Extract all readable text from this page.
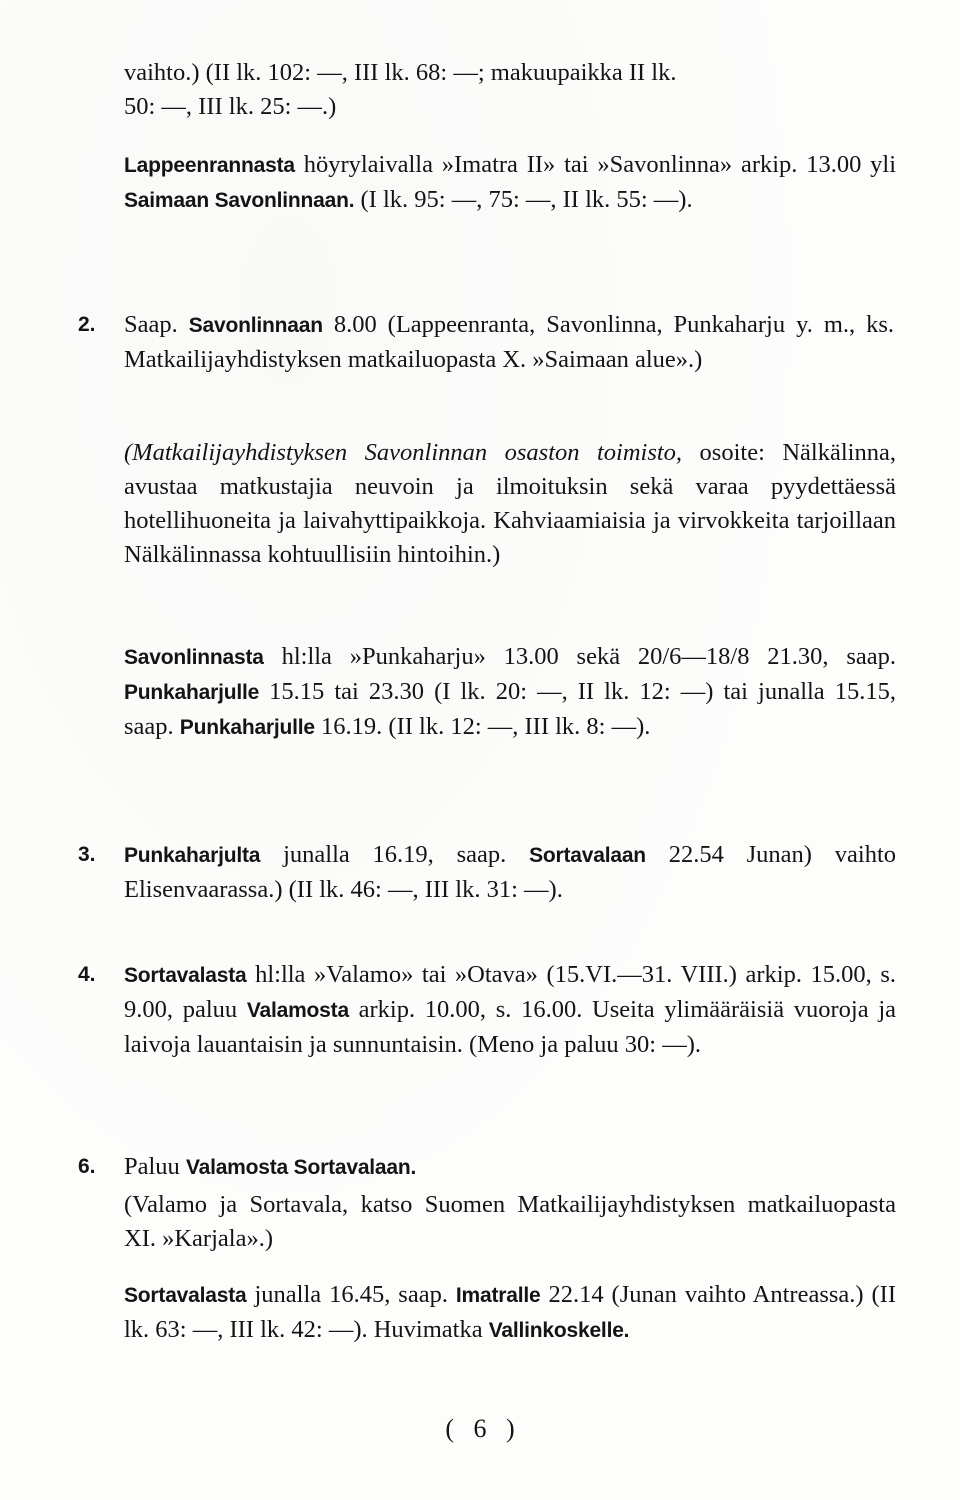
vaihto.) (II lk. 102: —, III lk. 68: —; makuupaikka II lk.
50: —, III lk. 25: —.)

Lappeenrannasta höyrylaivalla »Imatra II» tai »Savonlinna» arkip. 13.00 yli Saimaan Savonlinnaan. (I lk. 95: —, 75: —, II lk. 55: —).

2. Saap. Savonlinnaan 8.00 (Lappeenranta, Savonlinna, Punkaharju y. m., ks. Matkailijayhdistyksen matkailuopasta X. »Saimaan alue».)

(Matkailijayhdistyksen Savonlinnan osaston toimisto, osoite: Nälkälinna, avustaa matkustajia neuvoin ja ilmoituksin sekä varaa pyydettäessä hotellihuoneita ja laivahyttipaikkoja. Kahviaamiaisia ja virvokkeita tarjoillaan Nälkälinnassa kohtuullisiin hintoihin.)

Savonlinnasta hl:lla »Punkaharju» 13.00 sekä 20/6—18/8 21.30, saap. Punkaharjulle 15.15 tai 23.30 (I lk. 20: —, II lk. 12: —) tai junalla 15.15, saap. Punkaharjulle 16.19. (II lk. 12: —, III lk. 8: —).

3. Punkaharjulta junalla 16.19, saap. Sortavalaan 22.54 Junan) vaihto Elisenvaarassa.) (II lk. 46: —, III lk. 31: —).

4. Sortavalasta hl:lla »Valamo» tai »Otava» (15.VI.—31. VIII.) arkip. 15.00, s. 9.00, paluu Valamosta arkip. 10.00, s. 16.00. Useita ylimääräisiä vuoroja ja laivoja lauantaisin ja sunnuntaisin. (Meno ja paluu 30: —).

6. Paluu Valamosta Sortavalaan.

(Valamo ja Sortavala, katso Suomen Matkailijayhdistyksen matkailuopasta XI. »Karjala».)

Sortavalasta junalla 16.45, saap. Imatralle 22.14 (Junan vaihto Antreassa.) (II lk. 63: —, III lk. 42: —). Huvimatka Vallinkoskelle.

(   6   )
